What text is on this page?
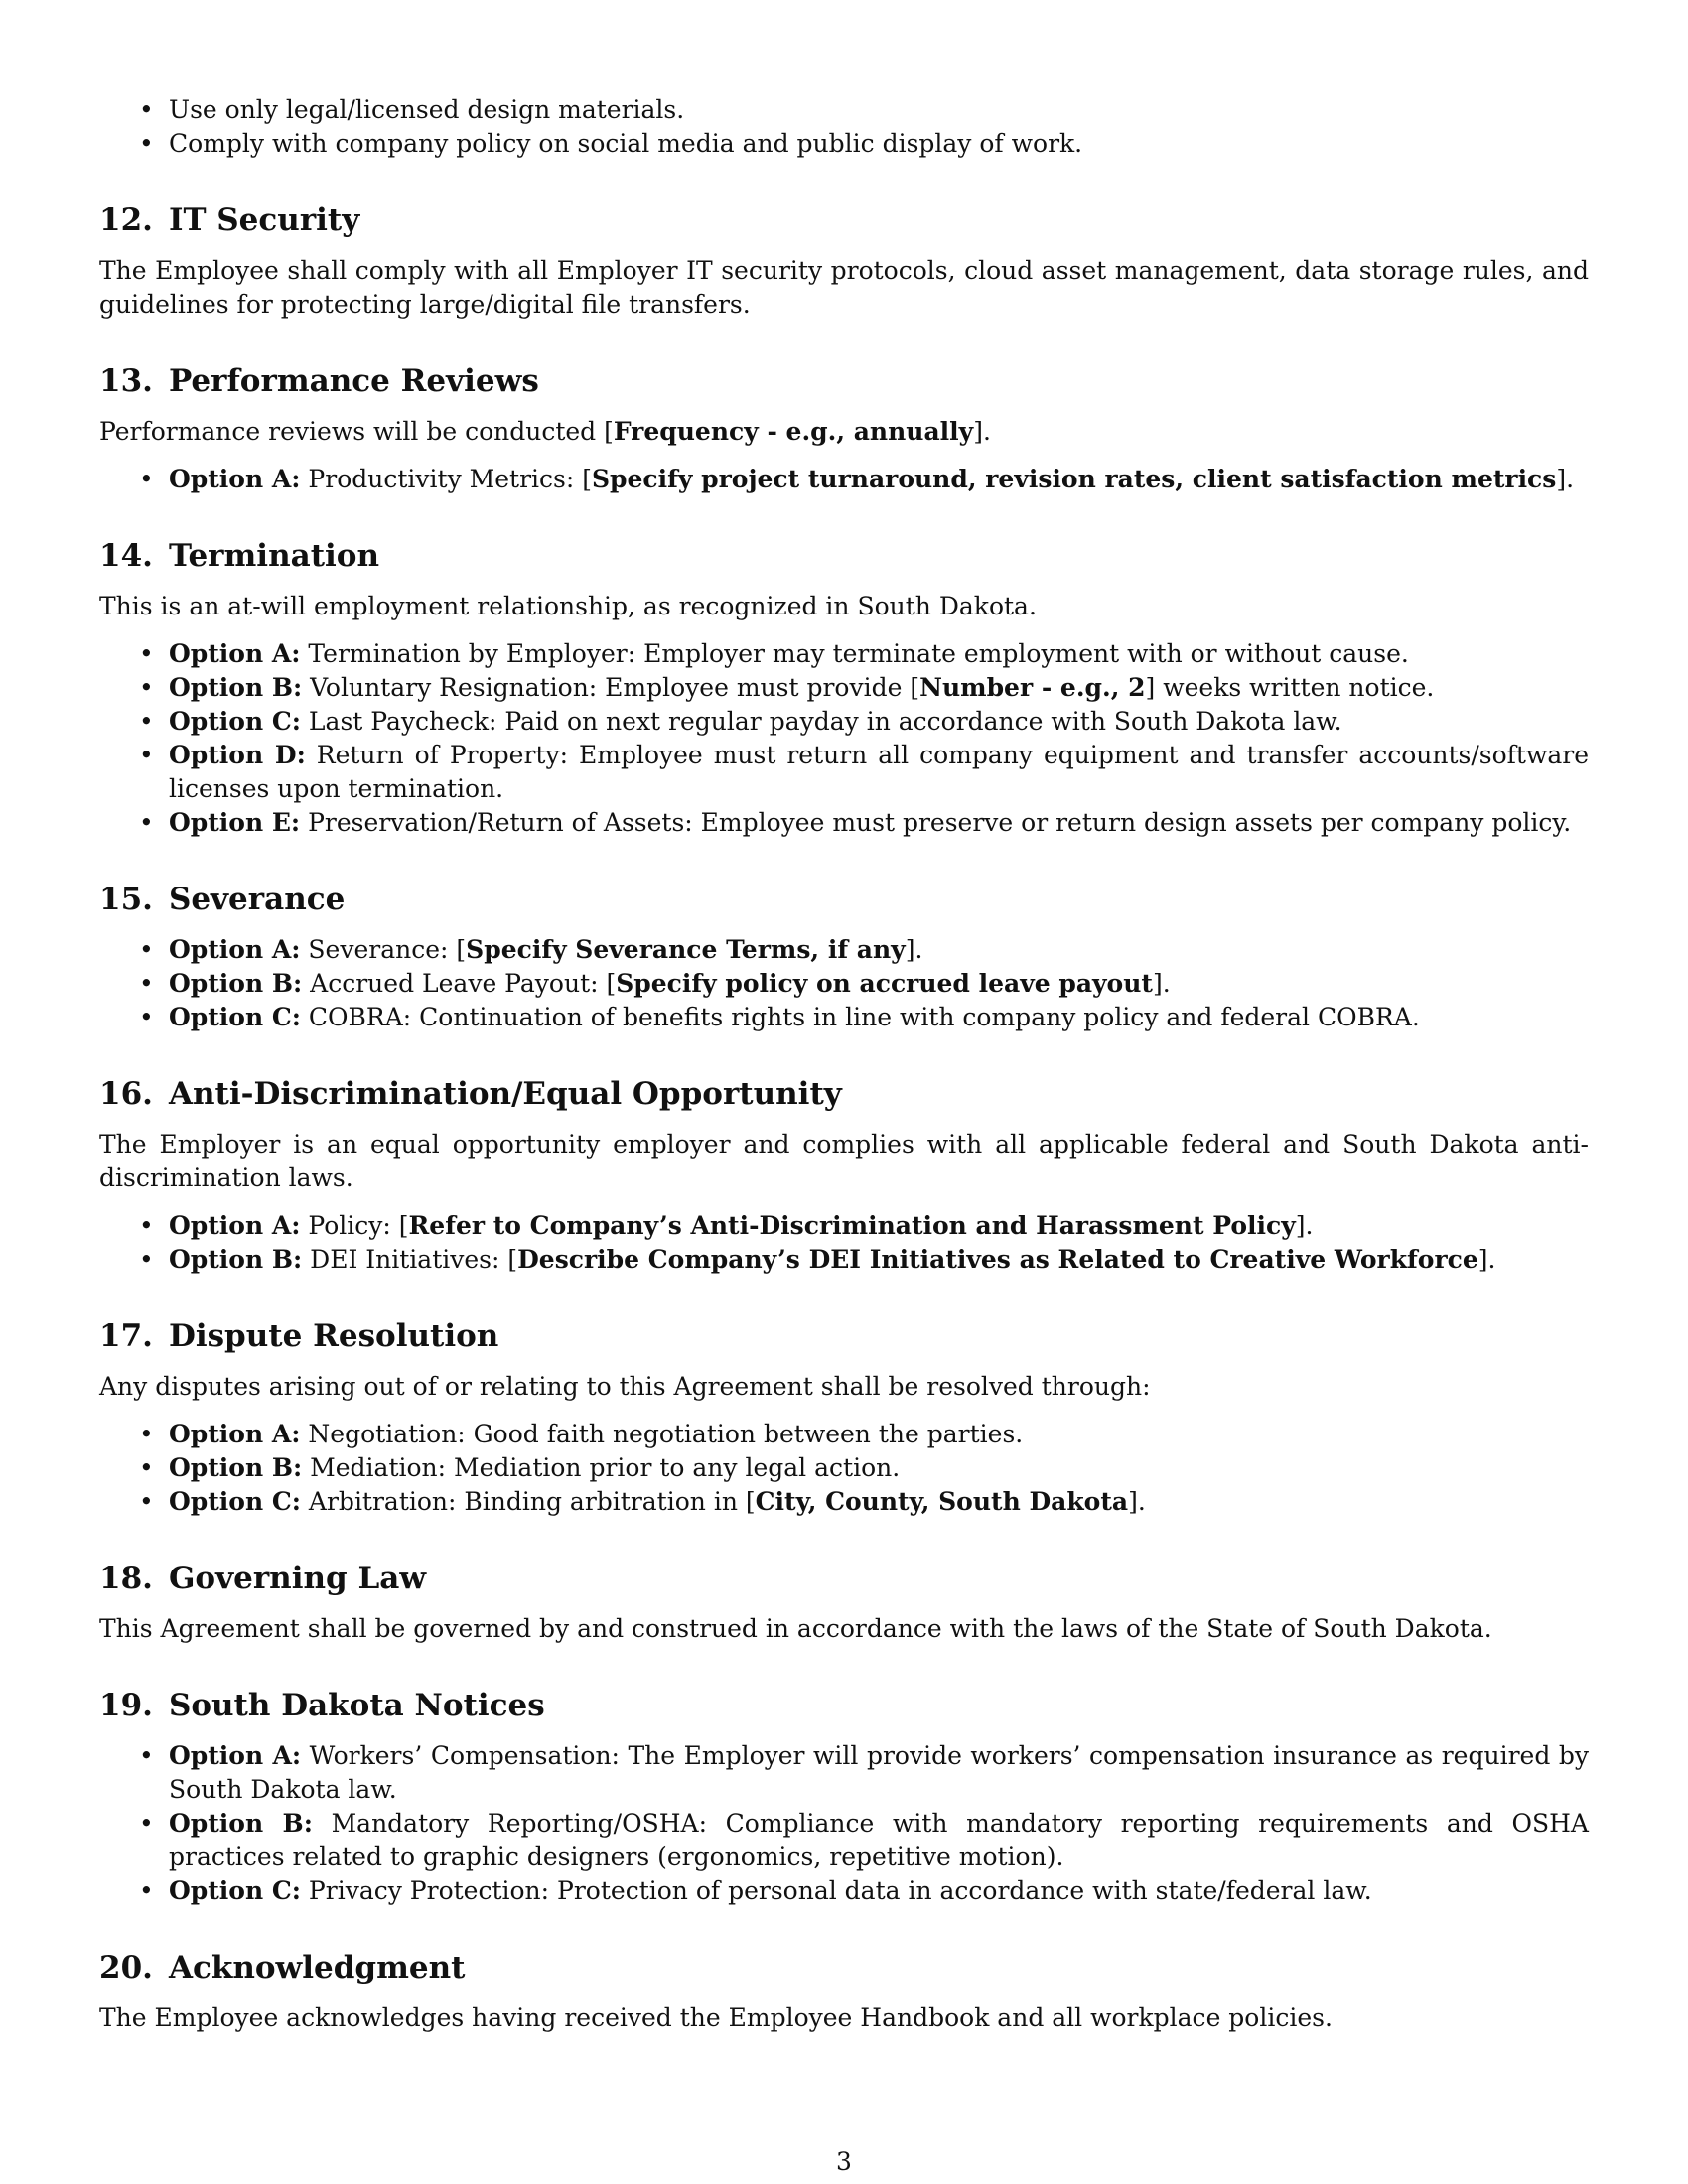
• Use only legal/licensed design materials.
• Comply with company policy on social media and public display of work.
12. IT Security

The Employee shall comply with all Employer IT security protocols, cloud asset management, data storage rules, and guidelines for protecting large/digital file transfers.

13. Performance Reviews

Performance reviews will be conducted [Frequency - e.g., annually].

• Option A: Productivity Metrics: [Specify project turnaround, revision rates, client satisfaction metrics].
14. Termination

This is an at-will employment relationship, as recognized in South Dakota.

• Option A: Termination by Employer: Employer may terminate employment with or without cause.
• Option B: Voluntary Resignation: Employee must provide [Number - e.g., 2] weeks written notice.
• Option C: Last Paycheck: Paid on next regular payday in accordance with South Dakota law.
• Option D: Return of Property: Employee must return all company equipment and transfer accounts/software licenses upon termination.
• Option E: Preservation/Return of Assets: Employee must preserve or return design assets per company policy.
15. Severance
• Option A: Severance: [Specify Severance Terms, if any].
• Option B: Accrued Leave Payout: [Specify policy on accrued leave payout].
• Option C: COBRA: Continuation of benefits rights in line with company policy and federal COBRA.
16. Anti-Discrimination/Equal Opportunity

The Employer is an equal opportunity employer and complies with all applicable federal and South Dakota anti-discrimination laws.

• Option A: Policy: [Refer to Company’s Anti-Discrimination and Harassment Policy].
• Option B: DEI Initiatives: [Describe Company’s DEI Initiatives as Related to Creative Workforce].
17. Dispute Resolution

Any disputes arising out of or relating to this Agreement shall be resolved through:

• Option A: Negotiation: Good faith negotiation between the parties.
• Option B: Mediation: Mediation prior to any legal action.
• Option C: Arbitration: Binding arbitration in [City, County, South Dakota].
18. Governing Law

This Agreement shall be governed by and construed in accordance with the laws of the State of South Dakota.

19. South Dakota Notices
• Option A: Workers’ Compensation: The Employer will provide workers’ compensation insurance as required by South Dakota law.
• Option B: Mandatory Reporting/OSHA: Compliance with mandatory reporting requirements and OSHA practices related to graphic designers (ergonomics, repetitive motion).
• Option C: Privacy Protection: Protection of personal data in accordance with state/federal law.
20. Acknowledgment

The Employee acknowledges having received the Employee Handbook and all workplace policies.

3
